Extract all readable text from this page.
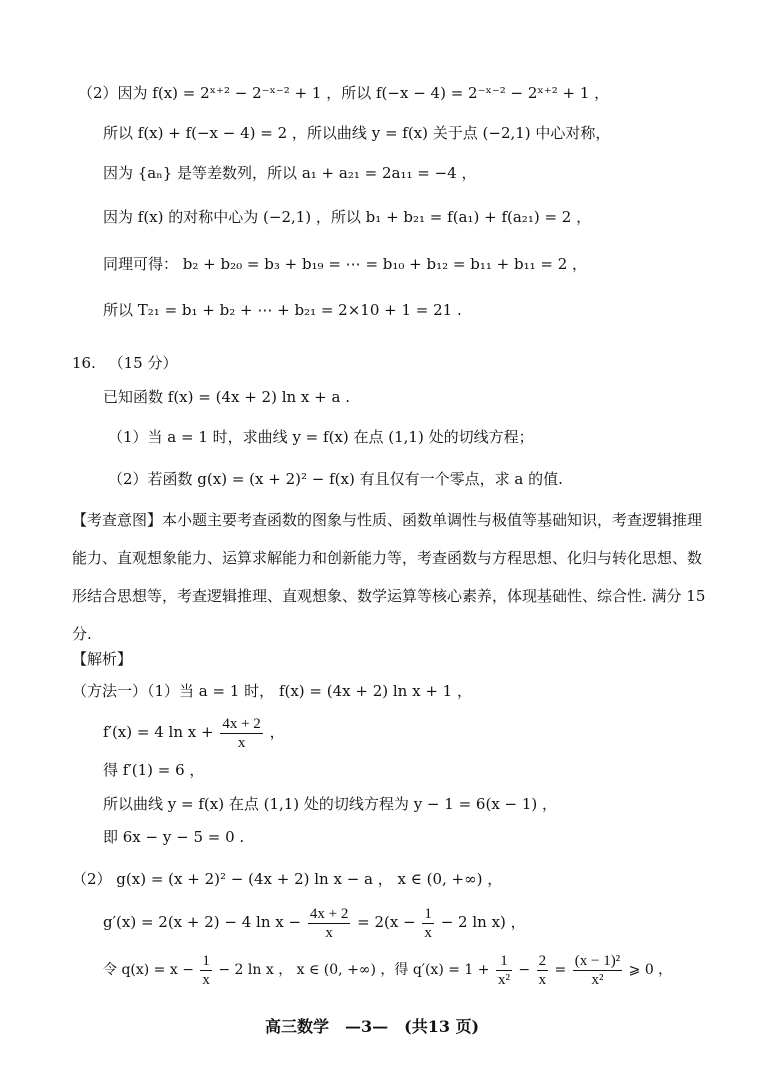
（2）因为 f(x) = 2ˣ⁺² − 2⁻ˣ⁻² + 1 ，所以 f(−x − 4) = 2⁻ˣ⁻² − 2ˣ⁺² + 1 ，
所以 f(x) + f(−x − 4) = 2 ，所以曲线 y = f(x) 关于点 (−2,1) 中心对称，
因为 {aₙ} 是等差数列，所以 a₁ + a₂₁ = 2a₁₁ = −4 ，
因为 f(x) 的对称中心为 (−2,1) ，所以 b₁ + b₂₁ = f(a₁) + f(a₂₁) = 2 ，
同理可得： b₂ + b₂₀ = b₃ + b₁₉ = ⋯ = b₁₀ + b₁₂ = b₁₁ + b₁₁ = 2 ，
所以 T₂₁ = b₁ + b₂ + ⋯ + b₂₁ = 2×10 + 1 = 21 .
16. （15 分）
已知函数 f(x) = (4x + 2) ln x + a .
（1）当 a = 1 时，求曲线 y = f(x) 在点 (1,1) 处的切线方程；
（2）若函数 g(x) = (x + 2)² − f(x) 有且仅有一个零点，求 a 的值.
【考查意图】本小题主要考查函数的图象与性质、函数单调性与极值等基础知识，考查逻辑推理能力、直观想象能力、运算求解能力和创新能力等，考查函数与方程思想、化归与转化思想、数形结合思想等，考查逻辑推理、直观想象、数学运算等核心素养，体现基础性、综合性. 满分 15 分.
【解析】
（方法一）（1）当 a = 1 时， f(x) = (4x + 2) ln x + 1 ，
f′(x) = 4 $\ln x + \frac{4x + 2}{x}$ ，
得 f′(1) = 6 ，
所以曲线 y = f(x) 在点 (1,1) 处的切线方程为 y − 1 = 6(x − 1) ，
即 6x − y − 5 = 0 .
（2） g(x) = (x + 2)² − (4x + 2) ln x − a ， x ∈ (0, +∞) ，
g′(x) = 2(x + 2) − 4 $\ln x - \frac{4x + 2}{x} = 2(x - \frac{1}{x} - 2$ ln x) ，
令 $q(x) = x - \frac{1}{x} - 2$ ln x ， x ∈ (0, +∞) ，得 $q'(x) = 1 + \frac{1}{\text{x²}} - \frac{2}{x} = \frac{\text{(x − 1)²}}{\text{x²}}$ ⩾ 0 ，
高三数学　—3—　(共13 页)
